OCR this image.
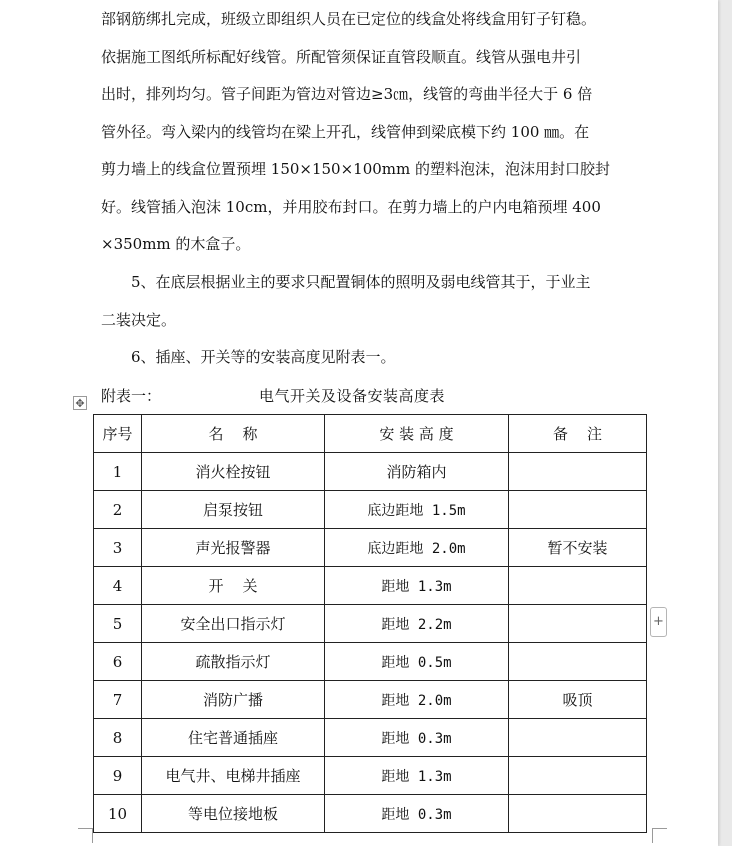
部钢筋绑扎完成，班级立即组织人员在已定位的线盒处将线盒用钉子钉稳。
依据施工图纸所标配好线管。所配管须保证直管段顺直。线管从强电井引
出时，排列均匀。管子间距为管边对管边≥3㎝，线管的弯曲半径大于 6 倍
管外径。弯入梁内的线管均在梁上开孔，线管伸到梁底模下约 100 ㎜。在
剪力墙上的线盒位置预埋 150×150×100mm 的塑料泡沫，泡沫用封口胶封
好。线管插入泡沫 10cm，并用胶布封口。在剪力墙上的户内电箱预埋 400
×350mm 的木盒子。
5、在底层根据业主的要求只配置铜体的照明及弱电线管其于，于业主
二装决定。
6、插座、开关等的安装高度见附表一。
✥ 附表一：	电气开关及设备安装高度表
序号	名    称	安 装 高 度	备    注
1	消火栓按钮	消防箱内	
2	启泵按钮	底边距地 1.5m	
3	声光报警器	底边距地 2.0m	暂不安装
4	开    关	距地 1.3m	
5	安全出口指示灯	距地 2.2m	
6	疏散指示灯	距地 0.5m	
7	消防广播	距地 2.0m	吸顶
8	住宅普通插座	距地 0.3m	
9	电气井、电梯井插座	距地 1.3m	
10	等电位接地板	距地 0.3m	
+
